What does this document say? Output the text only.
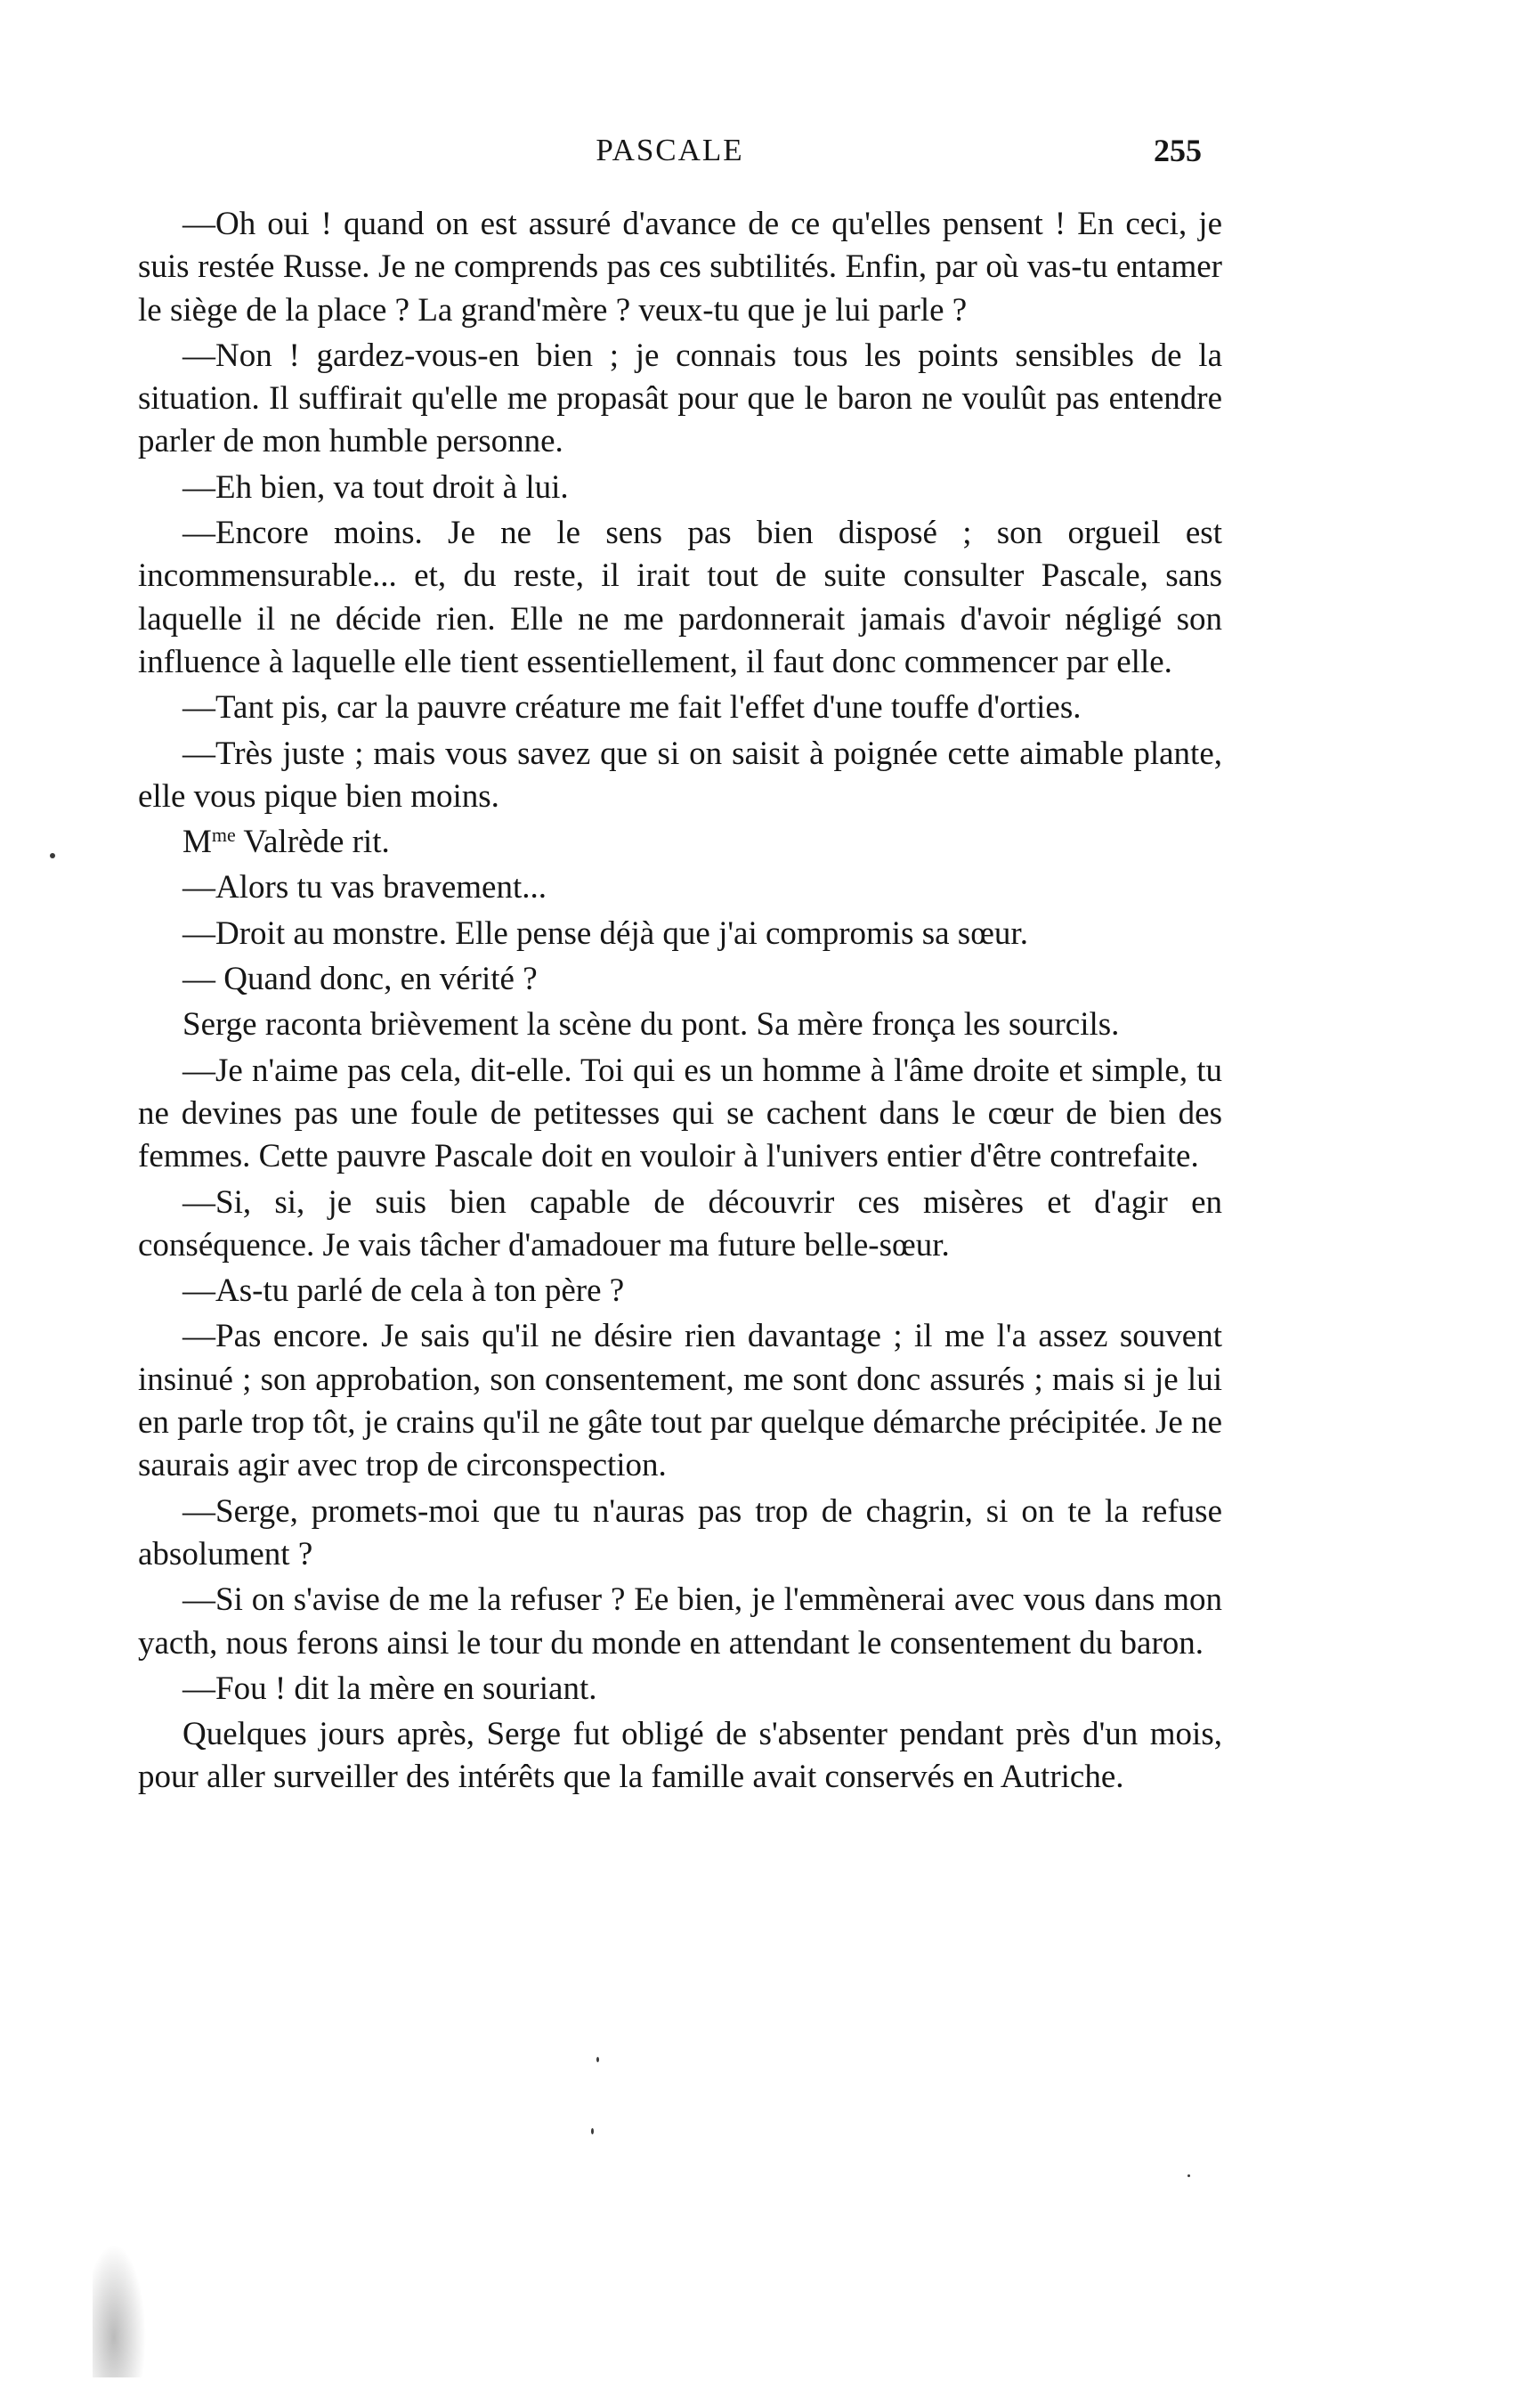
PASCALE	255

—Oh oui ! quand on est assuré d'avance de ce qu'elles pensent ! En ceci, je suis restée Russe. Je ne comprends pas ces subtilités. Enfin, par où vas-tu entamer le siège de la place ? La grand'mère ? veux-tu que je lui parle ?

—Non ! gardez-vous-en bien ; je connais tous les points sensibles de la situation. Il suffirait qu'elle me propasât pour que le baron ne voulût pas entendre parler de mon humble personne.

—Eh bien, va tout droit à lui.

—Encore moins. Je ne le sens pas bien disposé ; son orgueil est incommensurable... et, du reste, il irait tout de suite consulter Pascale, sans laquelle il ne décide rien. Elle ne me pardonnerait jamais d'avoir négligé son influence à laquelle elle tient essentiellement, il faut donc commencer par elle.

—Tant pis, car la pauvre créature me fait l'effet d'une touffe d'orties.

—Très juste ; mais vous savez que si on saisit à poignée cette aimable plante, elle vous pique bien moins.

$M^{me}$ Valrède rit.

—Alors tu vas bravement...

—Droit au monstre. Elle pense déjà que j'ai compromis sa sœur.

— Quand donc, en vérité ?

Serge raconta brièvement la scène du pont. Sa mère fronça les sourcils.

—Je n'aime pas cela, dit-elle. Toi qui es un homme à l'âme droite et simple, tu ne devines pas une foule de petitesses qui se cachent dans le cœur de bien des femmes. Cette pauvre Pascale doit en vouloir à l'univers entier d'être contrefaite.

—Si, si, je suis bien capable de découvrir ces misères et d'agir en conséquence. Je vais tâcher d'amadouer ma future belle-sœur.

—As-tu parlé de cela à ton père ?

—Pas encore. Je sais qu'il ne désire rien davantage ; il me l'a assez souvent insinué ; son approbation, son consentement, me sont donc assurés ; mais si je lui en parle trop tôt, je crains qu'il ne gâte tout par quelque démarche précipitée. Je ne saurais agir avec trop de circonspection.

—Serge, promets-moi que tu n'auras pas trop de chagrin, si on te la refuse absolument ?

—Si on s'avise de me la refuser ? Ee bien, je l'emmènerai avec vous dans mon yacth, nous ferons ainsi le tour du monde en attendant le consentement du baron.

—Fou ! dit la mère en souriant.

Quelques jours après, Serge fut obligé de s'absenter pendant près d'un mois, pour aller surveiller des intérêts que la famille avait conservés en Autriche.
